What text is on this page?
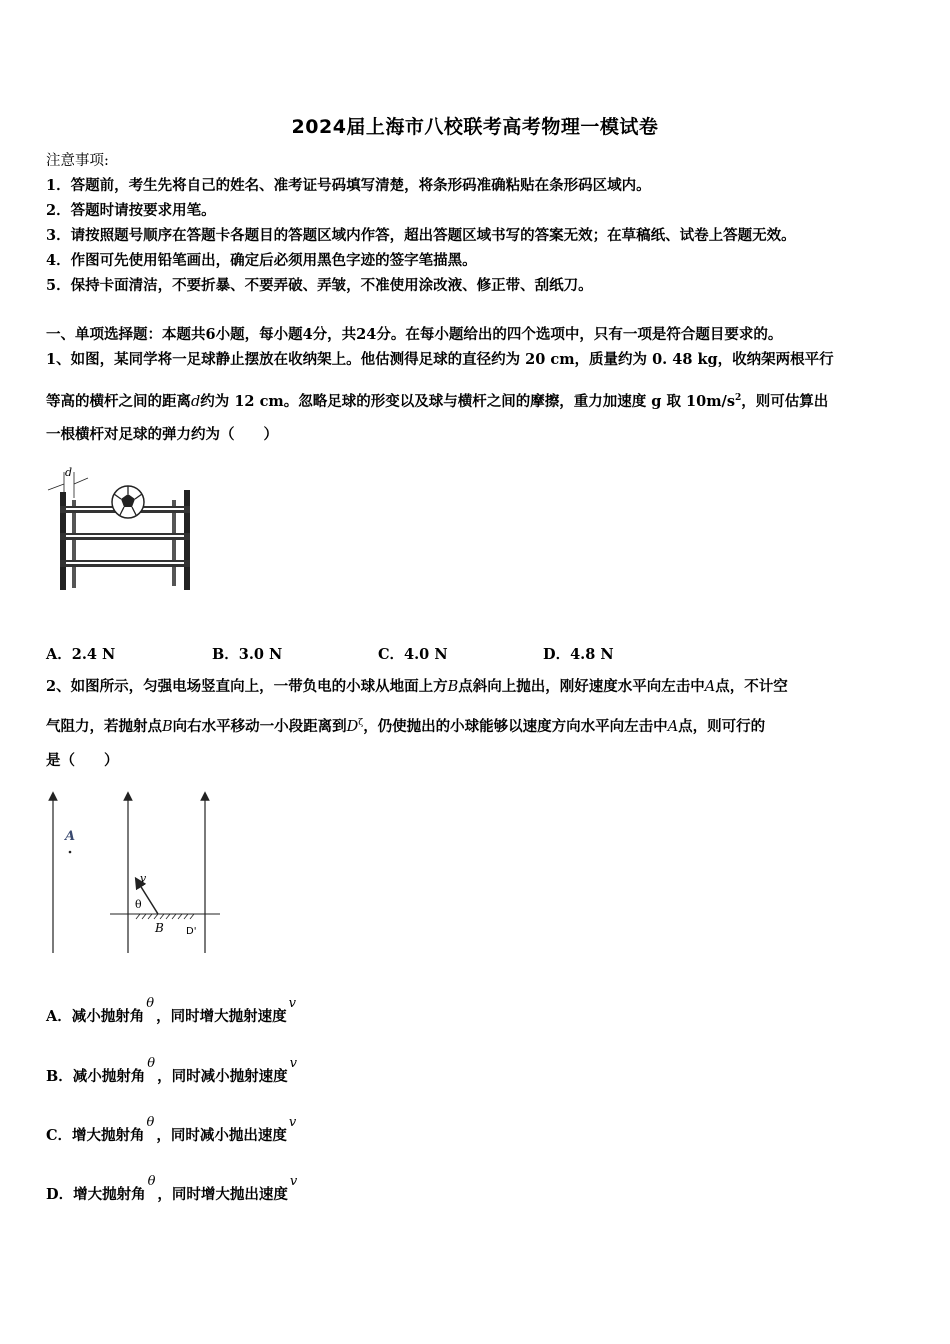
2024届上海市八校联考高考物理一模试卷
注意事项:
1．答题前，考生先将自己的姓名、准考证号码填写清楚，将条形码准确粘贴在条形码区域内。
2．答题时请按要求用笔。
3．请按照题号顺序在答题卡各题目的答题区域内作答，超出答题区域书写的答案无效；在草稿纸、试卷上答题无效。
4．作图可先使用铅笔画出，确定后必须用黑色字迹的签字笔描黑。
5．保持卡面清洁，不要折暴、不要弄破、弄皱，不准使用涂改液、修正带、刮纸刀。
一、单项选择题：本题共6小题，每小题4分，共24分。在每小题给出的四个选项中，只有一项是符合题目要求的。
1、如图，某同学将一足球静止摆放在收纳架上。他估测得足球的直径约为 20 cm，质量约为 0. 48 kg，收纳架两根平行
等高的横杆之间的距离d约为 12 cm。忽略足球的形变以及球与横杆之间的摩擦，重力加速度 g 取 $10m/s^2$，则可估算出
一根横杆对足球的弹力约为（　　）
d
A．2.4 N	B．3.0 N	C．4.0 N	D．4.8 N
2、如图所示，匀强电场竖直向上，一带负电的小球从地面上方B点斜向上抛出，刚好速度水平向左击中A点，不计空
气阻力，若抛射点B向右水平移动一小段距离到$D^\zeta$，仍使抛出的小球能够以速度方向水平向左击中A点，则可行的
是（　　）
A
v
θ
B D'
A．减小抛射角θ，同时增大抛射速度v
B．减小抛射角θ，同时减小抛射速度v
C．增大抛射角θ，同时减小抛出速度v
D．增大抛射角θ，同时增大抛出速度v
